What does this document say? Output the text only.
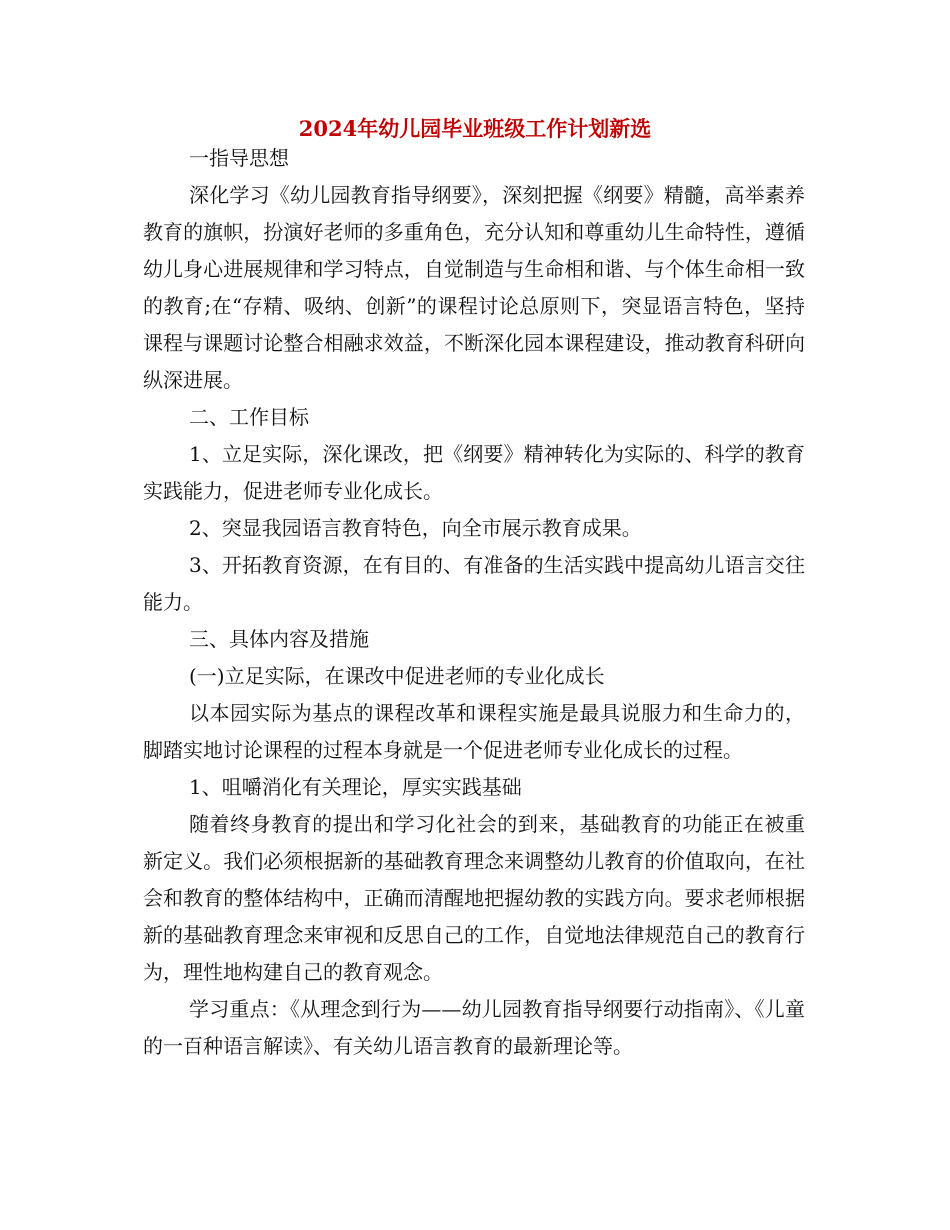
2024年幼儿园毕业班级工作计划新选

一指导思想

深化学习《幼儿园教育指导纲要》，深刻把握《纲要》精髓，高举素养教育的旗帜，扮演好老师的多重角色，充分认知和尊重幼儿生命特性，遵循幼儿身心进展规律和学习特点，自觉制造与生命相和谐、与个体生命相一致的教育;在“存精、吸纳、创新”的课程讨论总原则下，突显语言特色，坚持课程与课题讨论整合相融求效益，不断深化园本课程建设，推动教育科研向纵深进展。

二、工作目标

1、立足实际，深化课改，把《纲要》精神转化为实际的、科学的教育实践能力，促进老师专业化成长。

2、突显我园语言教育特色，向全市展示教育成果。

3、开拓教育资源，在有目的、有准备的生活实践中提高幼儿语言交往能力。

三、具体内容及措施

(一)立足实际，在课改中促进老师的专业化成长

以本园实际为基点的课程改革和课程实施是最具说服力和生命力的，脚踏实地讨论课程的过程本身就是一个促进老师专业化成长的过程。

1、咀嚼消化有关理论，厚实实践基础

随着终身教育的提出和学习化社会的到来，基础教育的功能正在被重新定义。我们必须根据新的基础教育理念来调整幼儿教育的价值取向，在社会和教育的整体结构中，正确而清醒地把握幼教的实践方向。要求老师根据新的基础教育理念来审视和反思自己的工作，自觉地法律规范自己的教育行为，理性地构建自己的教育观念。

学习重点：《从理念到行为——幼儿园教育指导纲要行动指南》、《儿童的一百种语言解读》、有关幼儿语言教育的最新理论等。
